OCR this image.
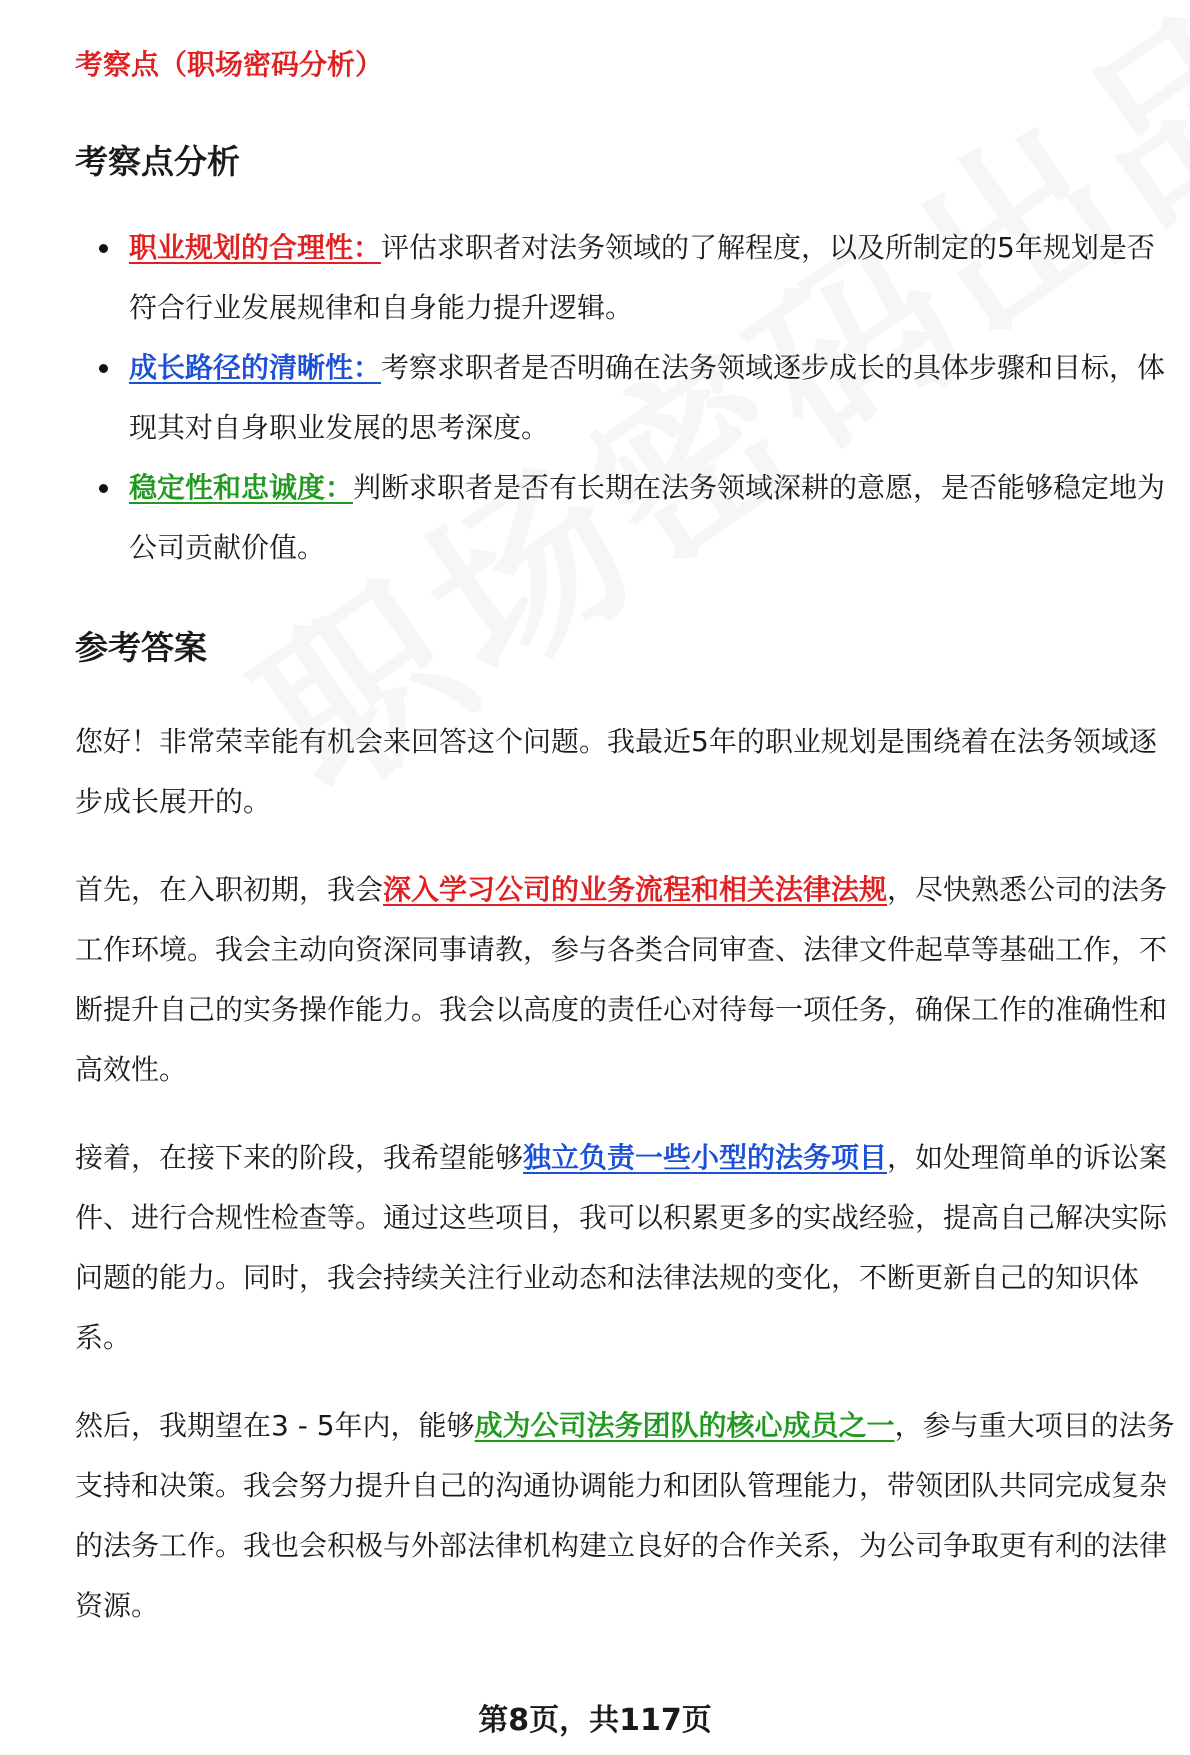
考察点（职场密码分析）
考察点分析
职业规划的合理性：评估求职者对法务领域的了解程度，以及所制定的5年规划是否符合行业发展规律和自身能力提升逻辑。
成长路径的清晰性：考察求职者是否明确在法务领域逐步成长的具体步骤和目标，体现其对自身职业发展的思考深度。
稳定性和忠诚度：判断求职者是否有长期在法务领域深耕的意愿，是否能够稳定地为公司贡献价值。
参考答案

您好！非常荣幸能有机会来回答这个问题。我最近5年的职业规划是围绕着在法务领域逐步成长展开的。

首先，在入职初期，我会深入学习公司的业务流程和相关法律法规，尽快熟悉公司的法务工作环境。我会主动向资深同事请教，参与各类合同审查、法律文件起草等基础工作，不断提升自己的实务操作能力。我会以高度的责任心对待每一项任务，确保工作的准确性和高效性。

接着，在接下来的阶段，我希望能够独立负责一些小型的法务项目，如处理简单的诉讼案件、进行合规性检查等。通过这些项目，我可以积累更多的实战经验，提高自己解决实际问题的能力。同时，我会持续关注行业动态和法律法规的变化，不断更新自己的知识体系。

然后，我期望在3 - 5年内，能够成为公司法务团队的核心成员之一，参与重大项目的法务支持和决策。我会努力提升自己的沟通协调能力和团队管理能力，带领团队共同完成复杂的法务工作。我也会积极与外部法律机构建立良好的合作关系，为公司争取更有利的法律资源。

第8页，共117页
